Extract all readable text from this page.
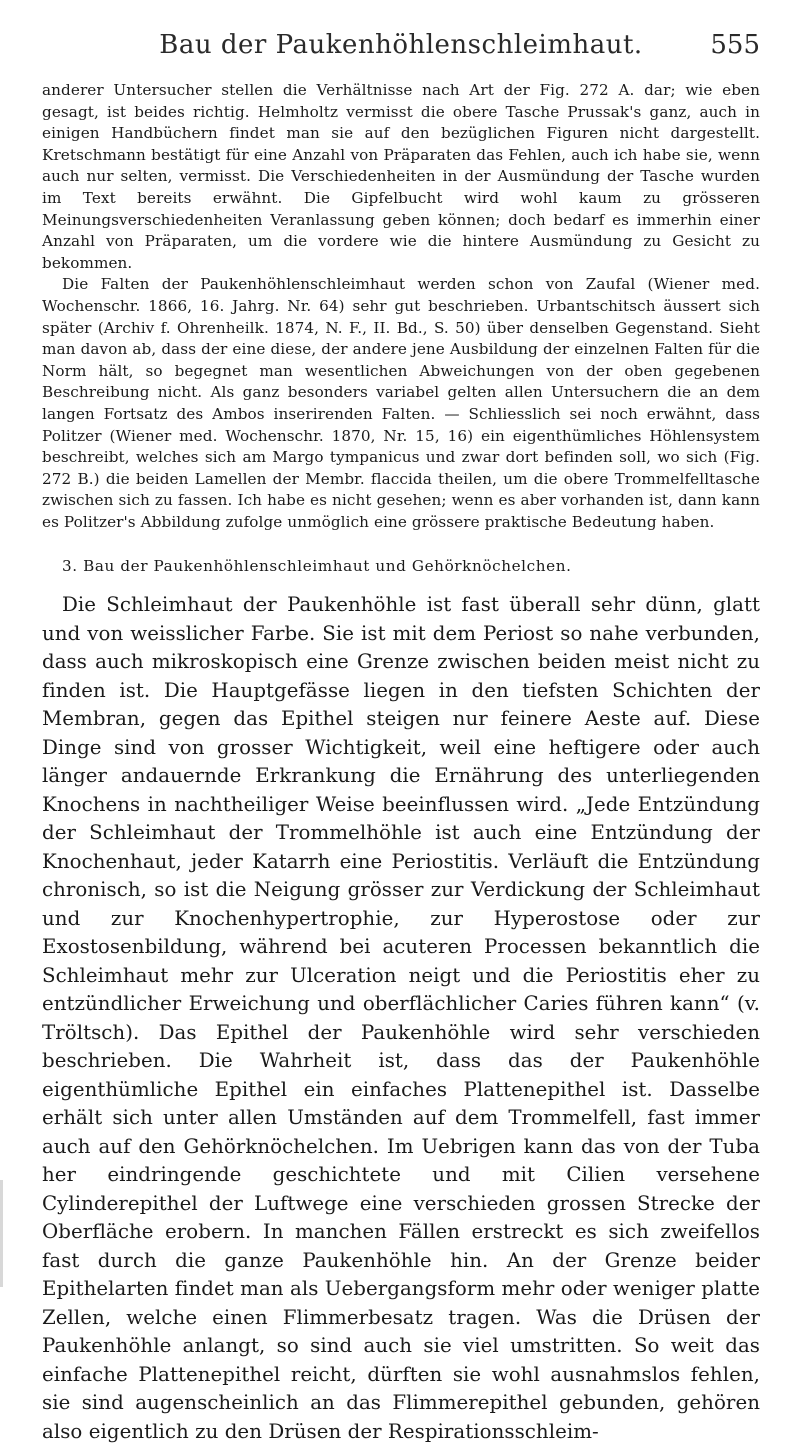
Bau der Paukenhöhlenschleimhaut.	555

anderer Untersucher stellen die Verhältnisse nach Art der Fig. 272 A. dar; wie eben gesagt, ist beides richtig. Helmholtz vermisst die obere Tasche Prussak's ganz, auch in einigen Handbüchern findet man sie auf den bezüglichen Figuren nicht dargestellt. Kretschmann bestätigt für eine Anzahl von Präparaten das Fehlen, auch ich habe sie, wenn auch nur selten, vermisst. Die Verschiedenheiten in der Ausmündung der Tasche wurden im Text bereits erwähnt. Die Gipfelbucht wird wohl kaum zu grösseren Meinungsverschiedenheiten Veranlassung geben können; doch bedarf es immerhin einer Anzahl von Präparaten, um die vordere wie die hintere Ausmündung zu Gesicht zu bekommen.

Die Falten der Paukenhöhlenschleimhaut werden schon von Zaufal (Wiener med. Wochenschr. 1866, 16. Jahrg. Nr. 64) sehr gut beschrieben. Urbantschitsch äussert sich später (Archiv f. Ohrenheilk. 1874, N. F., II. Bd., S. 50) über denselben Gegenstand. Sieht man davon ab, dass der eine diese, der andere jene Ausbildung der einzelnen Falten für die Norm hält, so begegnet man wesentlichen Abweichungen von der oben gegebenen Beschreibung nicht. Als ganz besonders variabel gelten allen Untersuchern die an dem langen Fortsatz des Ambos inserirenden Falten. — Schliesslich sei noch erwähnt, dass Politzer (Wiener med. Wochenschr. 1870, Nr. 15, 16) ein eigenthümliches Höhlensystem beschreibt, welches sich am Margo tympanicus und zwar dort befinden soll, wo sich (Fig. 272 B.) die beiden Lamellen der Membr. flaccida theilen, um die obere Trommelfelltasche zwischen sich zu fassen. Ich habe es nicht gesehen; wenn es aber vorhanden ist, dann kann es Politzer's Abbildung zufolge unmöglich eine grössere praktische Bedeutung haben.

3. Bau der Paukenhöhlenschleimhaut und Gehörknöchelchen.

Die Schleimhaut der Paukenhöhle ist fast überall sehr dünn, glatt und von weisslicher Farbe. Sie ist mit dem Periost so nahe verbunden, dass auch mikroskopisch eine Grenze zwischen beiden meist nicht zu finden ist. Die Hauptgefässe liegen in den tiefsten Schichten der Membran, gegen das Epithel steigen nur feinere Aeste auf. Diese Dinge sind von grosser Wichtigkeit, weil eine heftigere oder auch länger andauernde Erkrankung die Ernährung des unterliegenden Knochens in nachtheiliger Weise beeinflussen wird. „Jede Entzündung der Schleimhaut der Trommelhöhle ist auch eine Entzündung der Knochenhaut, jeder Katarrh eine Periostitis. Verläuft die Entzündung chronisch, so ist die Neigung grösser zur Verdickung der Schleimhaut und zur Knochenhypertrophie, zur Hyperostose oder zur Exostosenbildung, während bei acuteren Processen bekanntlich die Schleimhaut mehr zur Ulceration neigt und die Periostitis eher zu entzündlicher Erweichung und oberflächlicher Caries führen kann“ (v. Tröltsch). Das Epithel der Paukenhöhle wird sehr verschieden beschrieben. Die Wahrheit ist, dass das der Paukenhöhle eigenthümliche Epithel ein einfaches Plattenepithel ist. Dasselbe erhält sich unter allen Umständen auf dem Trommelfell, fast immer auch auf den Gehörknöchelchen. Im Uebrigen kann das von der Tuba her eindringende geschichtete und mit Cilien versehene Cylinderepithel der Luftwege eine verschieden grossen Strecke der Oberfläche erobern. In manchen Fällen erstreckt es sich zweifellos fast durch die ganze Paukenhöhle hin. An der Grenze beider Epithelarten findet man als Uebergangsform mehr oder weniger platte Zellen, welche einen Flimmerbesatz tragen. Was die Drüsen der Paukenhöhle anlangt, so sind auch sie viel umstritten. So weit das einfache Plattenepithel reicht, dürften sie wohl ausnahmslos fehlen, sie sind augenscheinlich an das Flimmerepithel gebunden, gehören also eigentlich zu den Drüsen der Respirationsschleim-
